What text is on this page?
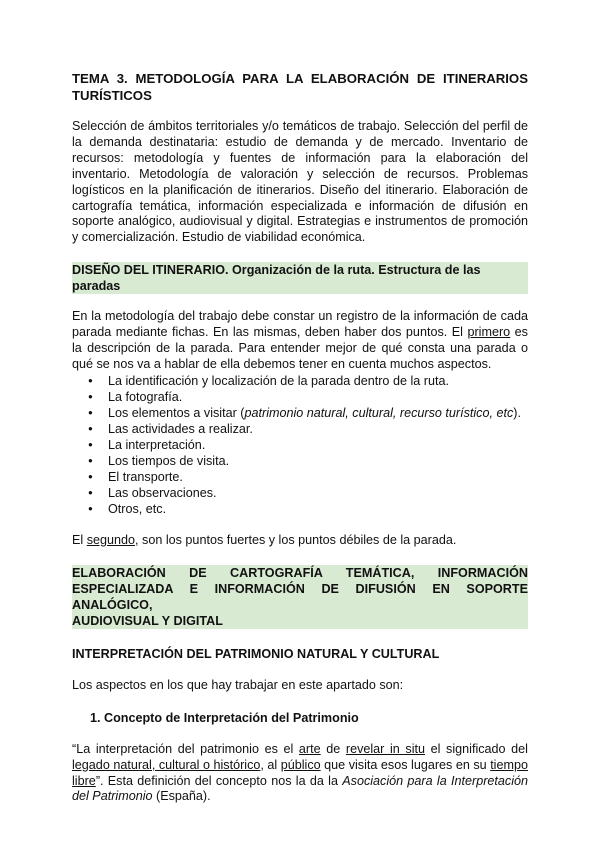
TEMA 3. METODOLOGÍA PARA LA ELABORACIÓN DE ITINERARIOS
TURÍSTICOS

Selección de ámbitos territoriales y/o temáticos de trabajo. Selección del perfil de la demanda destinataria: estudio de demanda y de mercado. Inventario de recursos: metodología y fuentes de información para la elaboración del inventario. Metodología de valoración y selección de recursos. Problemas logísticos en la planificación de itinerarios. Diseño del itinerario. Elaboración de cartografía temática, información especializada e información de difusión en soporte analógico, audiovisual y digital. Estrategias e instrumentos de promoción y comercialización. Estudio de viabilidad económica.

DISEÑO DEL ITINERARIO. Organización de la ruta. Estructura de las paradas

En la metodología del trabajo debe constar un registro de la información de cada parada mediante fichas. En las mismas, deben haber dos puntos. El primero es la descripción de la parada. Para entender mejor de qué consta una parada o qué se nos va a hablar de ella debemos tener en cuenta muchos aspectos.

● La identificación y localización de la parada dentro de la ruta.
● La fotografía.
● Los elementos a visitar (patrimonio natural, cultural, recurso turístico, etc).
● Las actividades a realizar.
● La interpretación.
● Los tiempos de visita.
● El transporte.
● Las observaciones.
● Otros, etc.

El segundo, son los puntos fuertes y los puntos débiles de la parada.

ELABORACIÓN DE CARTOGRAFÍA TEMÁTICA, INFORMACIÓN
ESPECIALIZADA E INFORMACIÓN DE DIFUSIÓN EN SOPORTE ANALÓGICO,
AUDIOVISUAL Y DIGITAL
INTERPRETACIÓN DEL PATRIMONIO NATURAL Y CULTURAL

Los aspectos en los que hay trabajar en este apartado son:

1. Concepto de Interpretación del Patrimonio

“La interpretación del patrimonio es el arte de revelar in situ el significado del legado natural, cultural o histórico, al público que visita esos lugares en su tiempo libre”. Esta definición del concepto nos la da la Asociación para la Interpretación del Patrimonio (España).
